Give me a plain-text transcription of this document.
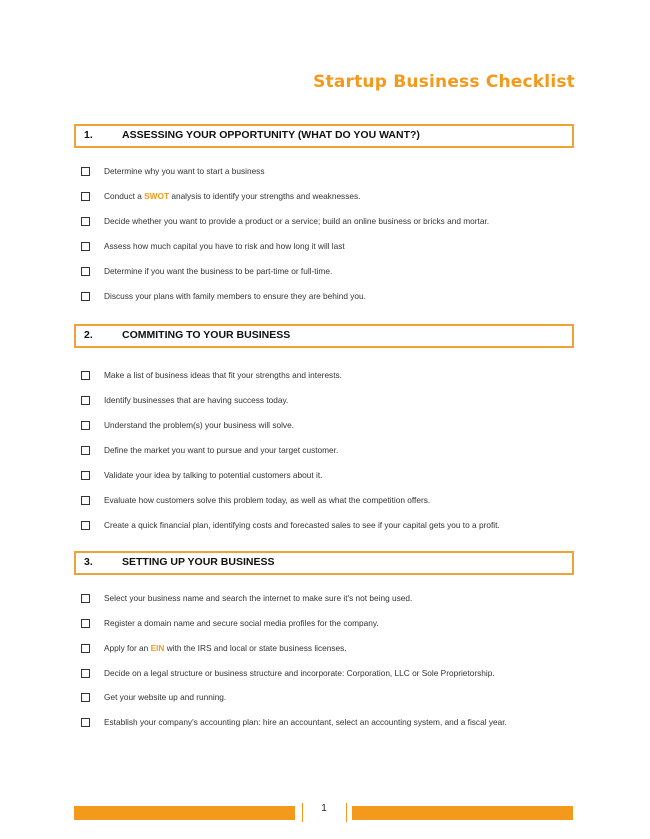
Startup Business Checklist
1.	ASSESSING YOUR OPPORTUNITY (WHAT DO YOU WANT?)
Determine why you want to start a business
Conduct a SWOT analysis to identify your strengths and weaknesses.
Decide whether you want to provide a product or a service; build an online business or bricks and mortar.
Assess how much capital you have to risk and how long it will last
Determine if you want the business to be part-time or full-time.
Discuss your plans with family members to ensure they are behind you.
2.	COMMITING TO YOUR BUSINESS
Make a list of business ideas that fit your strengths and interests.
Identify businesses that are having success today.
Understand the problem(s) your business will solve.
Define the market you want to pursue and your target customer.
Validate your idea by talking to potential customers about it.
Evaluate how customers solve this problem today, as well as what the competition offers.
Create a quick financial plan, identifying costs and forecasted sales to see if your capital gets you to a profit.
3.	SETTING UP YOUR BUSINESS
Select your business name and search the internet to make sure it's not being used.
Register a domain name and secure social media profiles for the company.
Apply for an EIN with the IRS and local or state business licenses.
Decide on a legal structure or business structure and incorporate: Corporation, LLC or Sole Proprietorship.
Get your website up and running.
Establish your company's accounting plan: hire an accountant, select an accounting system, and a fiscal year.
1
